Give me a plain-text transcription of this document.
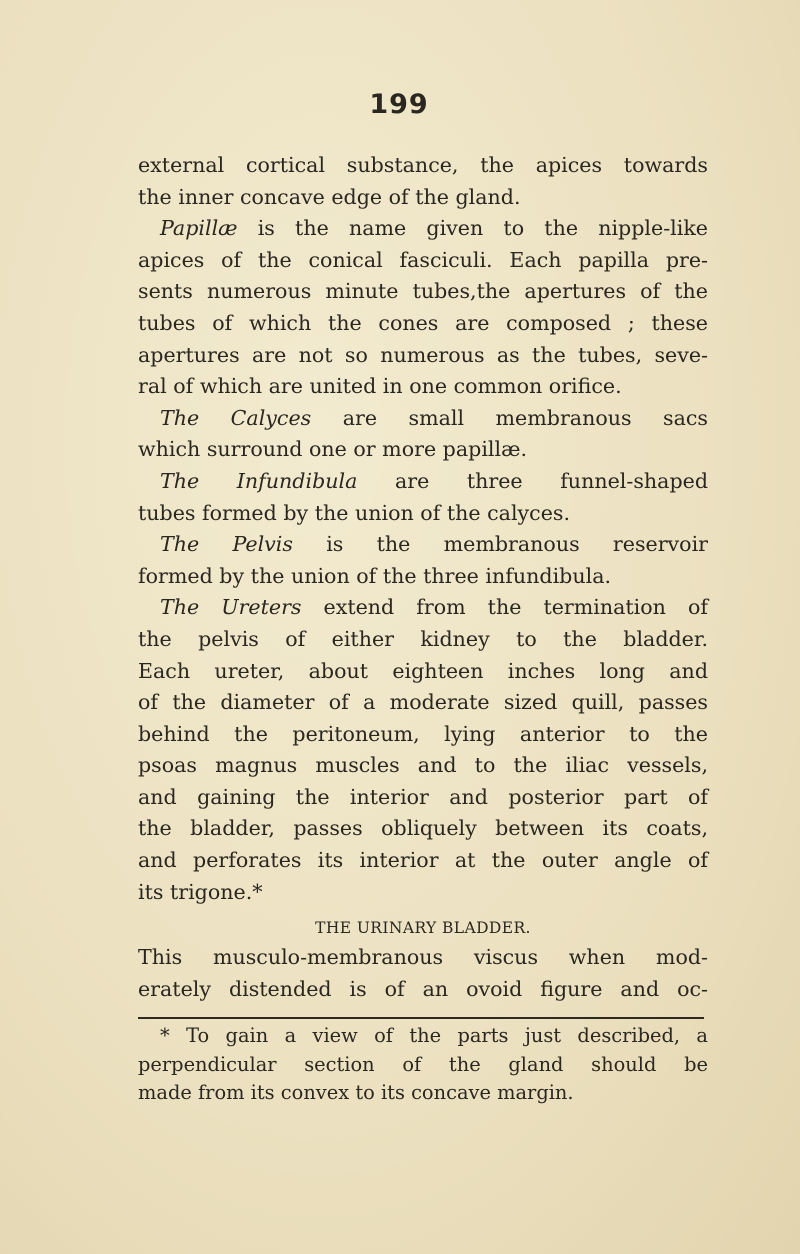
199
external cortical substance, the apices towards
the inner concave edge of the gland.
Papillæ is the name given to the nipple-like
apices of the conical fasciculi. Each papilla pre-
sents numerous minute tubes,the apertures of the
tubes of which the cones are composed ; these
apertures are not so numerous as the tubes, seve-
ral of which are united in one common orifice.
The Calyces are small membranous sacs
which surround one or more papillæ.
The Infundibula are three funnel-shaped
tubes formed by the union of the calyces.
The Pelvis is the membranous reservoir
formed by the union of the three infundibula.
The Ureters extend from the termination of
the pelvis of either kidney to the bladder.
Each ureter, about eighteen inches long and
of the diameter of a moderate sized quill, passes
behind the peritoneum, lying anterior to the
psoas magnus muscles and to the iliac vessels,
and gaining the interior and posterior part of
the bladder, passes obliquely between its coats,
and perforates its interior at the outer angle of
its trigone.*
THE URINARY BLADDER.
This musculo-membranous viscus when mod-
erately distended is of an ovoid figure and oc-
* To gain a view of the parts just described, a
perpendicular section of the gland should be
made from its convex to its concave margin.
